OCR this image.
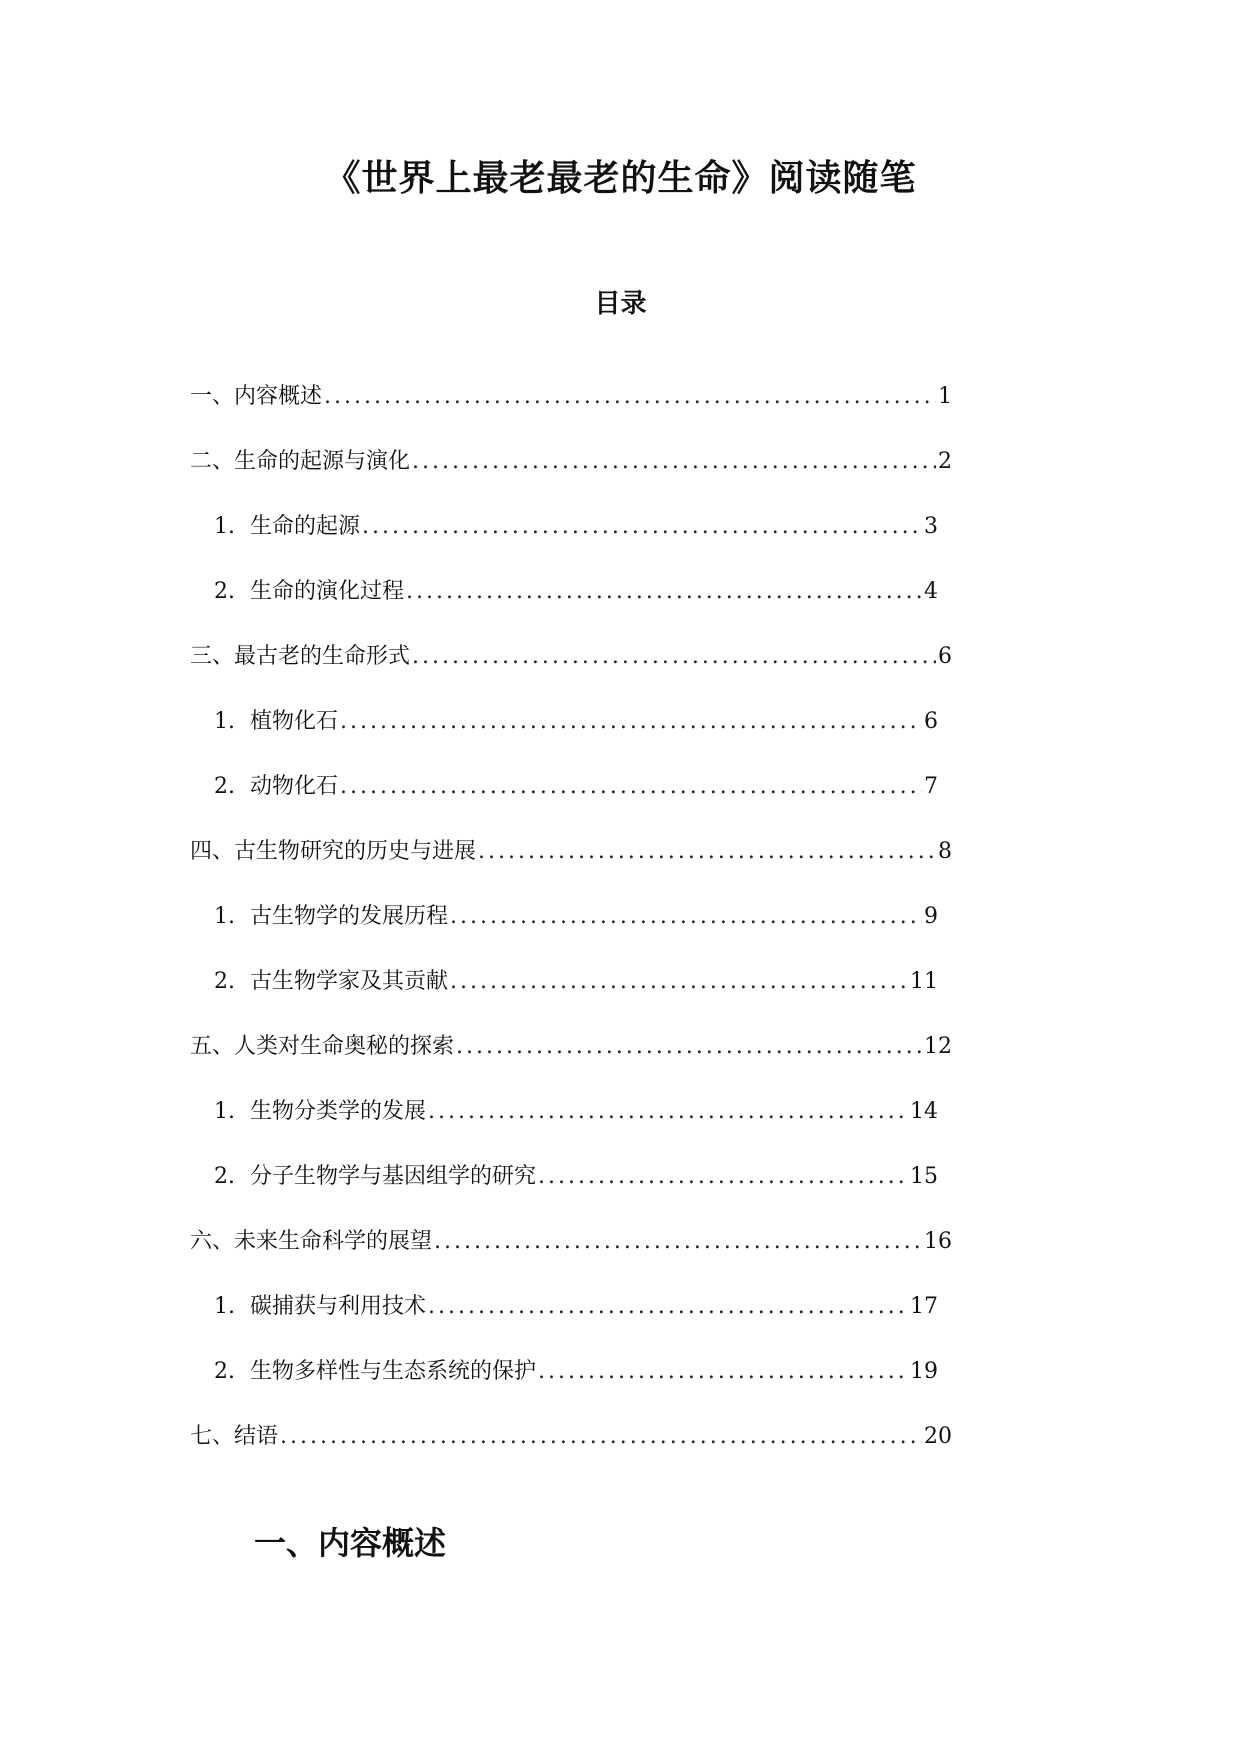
《世界上最老最老的生命》阅读随笔
目录
一、内容概述 .....	1
二、生命的起源与演化 .....	2
1. 生命的起源 .....	3
2. 生命的演化过程 .....	4
三、最古老的生命形式 .....	6
1. 植物化石 .....	6
2. 动物化石 .....	7
四、古生物研究的历史与进展 .....	8
1. 古生物学的发展历程 .....	9
2. 古生物学家及其贡献 .....	11
五、人类对生命奥秘的探索 .....	12
1. 生物分类学的发展 .....	14
2. 分子生物学与基因组学的研究 .....	15
六、未来生命科学的展望 .....	16
1. 碳捕获与利用技术 .....	17
2. 生物多样性与生态系统的保护 .....	19
七、结语 .....	20
一、内容概述
